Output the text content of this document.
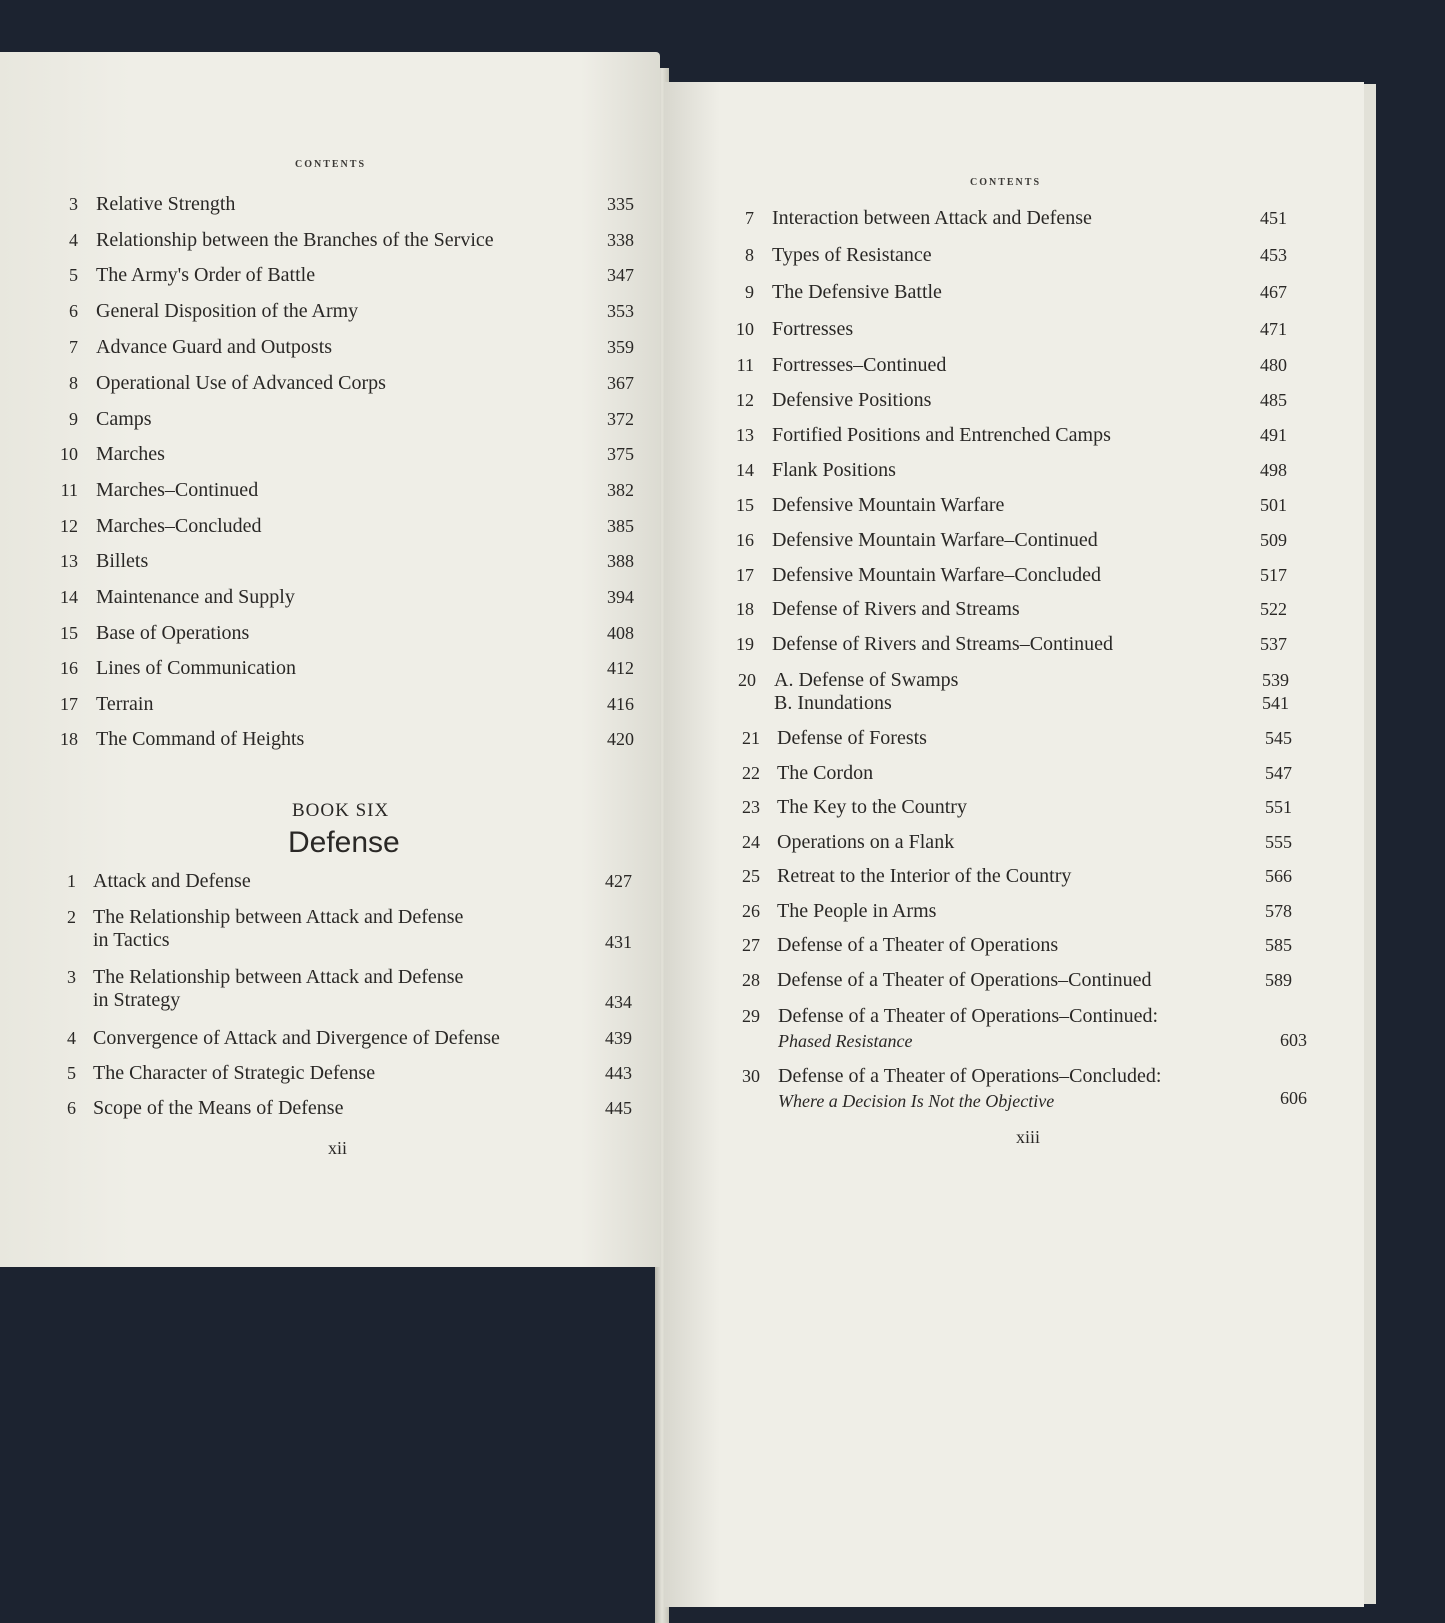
contents
3 Relative Strength	335
4 Relationship between the Branches of the Service	338
5 The Army's Order of Battle	347
6 General Disposition of the Army	353
7 Advance Guard and Outposts	359
8 Operational Use of Advanced Corps	367
9 Camps	372
10 Marches	375
11 Marches–Continued	382
12 Marches–Concluded	385
13 Billets	388
14 Maintenance and Supply	394
15 Base of Operations	408
16 Lines of Communication	412
17 Terrain	416
18 The Command of Heights	420
BOOK SIX
Defense
1 Attack and Defense	427
2 The Relationship between Attack and Defense
in Tactics	431
3 The Relationship between Attack and Defense
in Strategy	434
4 Convergence of Attack and Divergence of Defense	439
5 The Character of Strategic Defense	443
6 Scope of the Means of Defense	445
xii
contents
7 Interaction between Attack and Defense	451
8 Types of Resistance	453
9 The Defensive Battle	467
10 Fortresses	471
11 Fortresses–Continued	480
12 Defensive Positions	485
13 Fortified Positions and Entrenched Camps	491
14 Flank Positions	498
15 Defensive Mountain Warfare	501
16 Defensive Mountain Warfare–Continued	509
17 Defensive Mountain Warfare–Concluded	517
18 Defense of Rivers and Streams	522
19 Defense of Rivers and Streams–Continued	537
20 A. Defense of Swamps	539
B. Inundations	541
21 Defense of Forests	545
22 The Cordon	547
23 The Key to the Country	551
24 Operations on a Flank	555
25 Retreat to the Interior of the Country	566
26 The People in Arms	578
27 Defense of a Theater of Operations	585
28 Defense of a Theater of Operations–Continued	589
29 Defense of a Theater of Operations–Continued:
Phased Resistance	603
30 Defense of a Theater of Operations–Concluded:
Where a Decision Is Not the Objective	606
xiii
